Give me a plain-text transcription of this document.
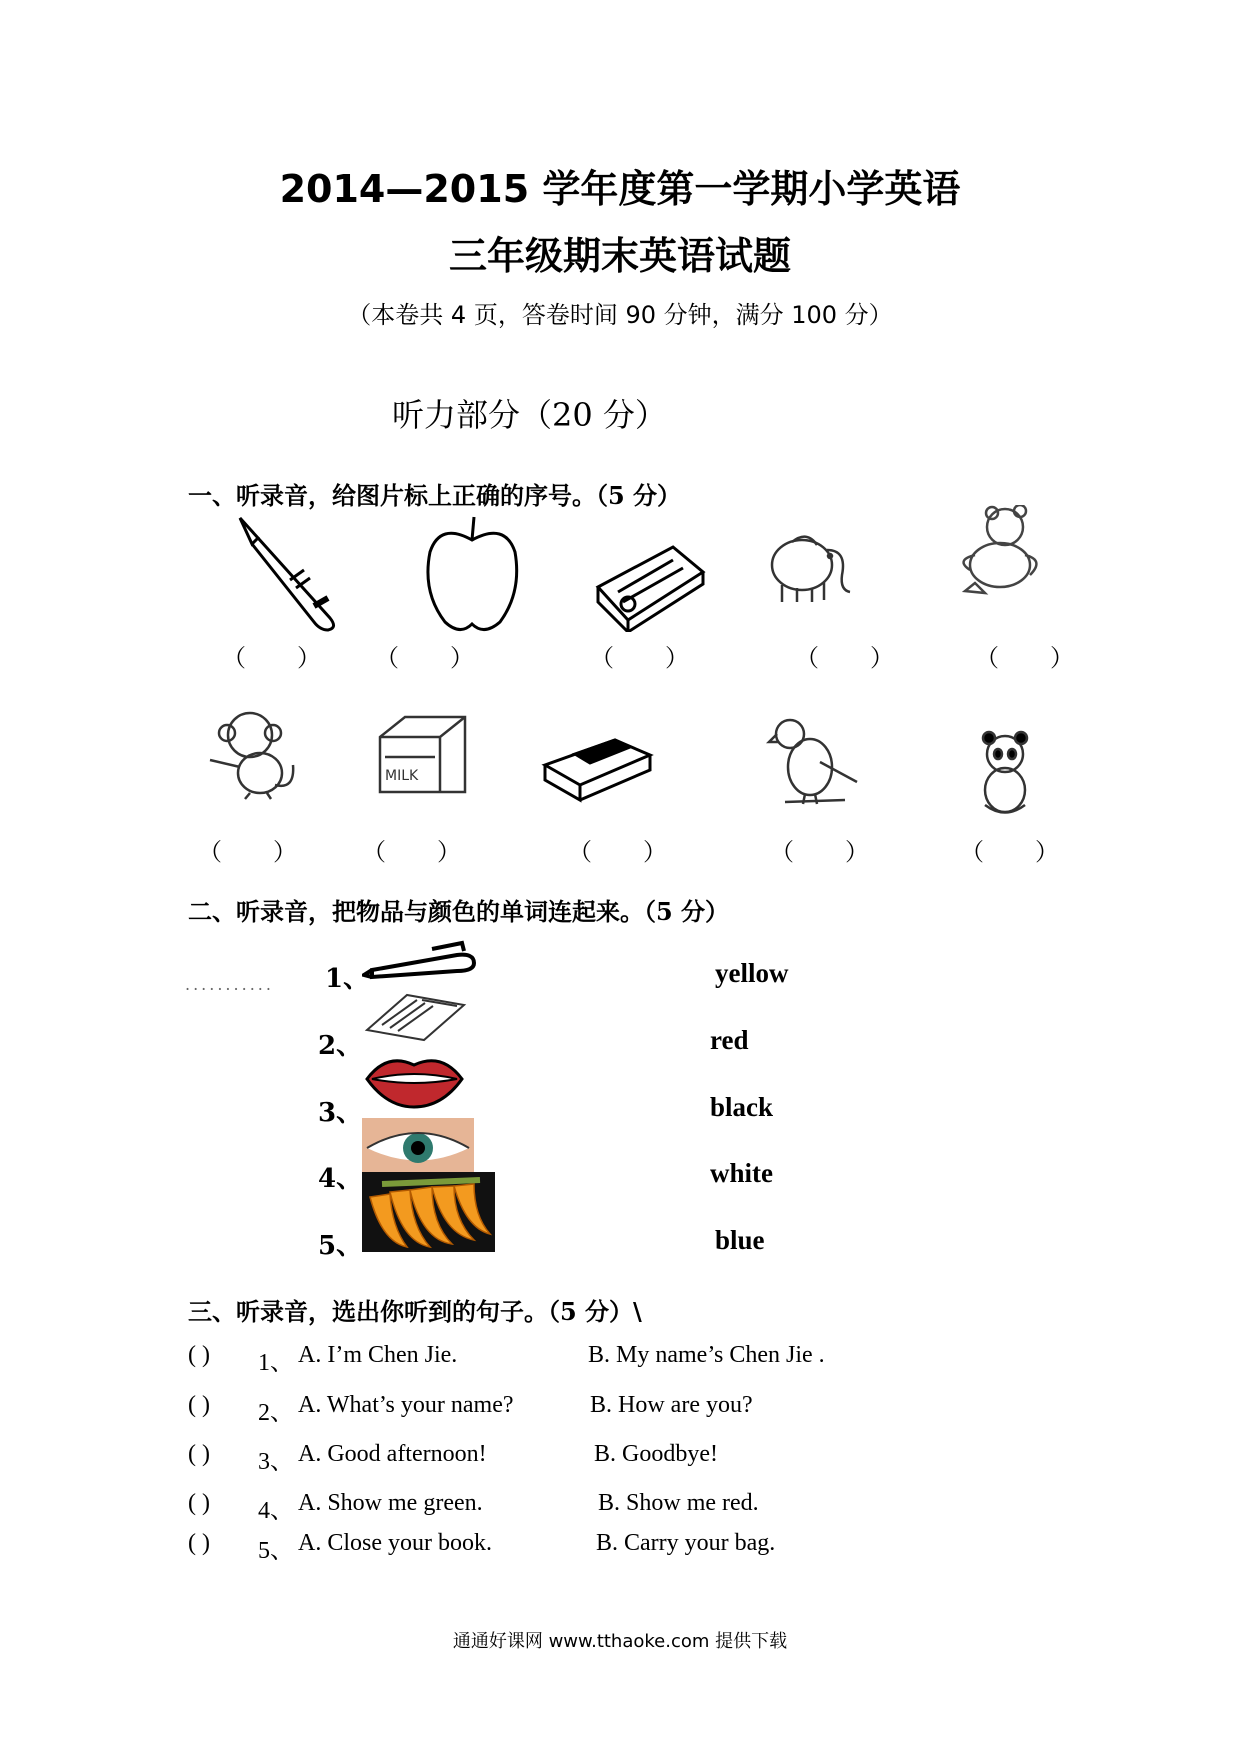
2014—2015 学年度第一学期小学英语
三年级期末英语试题
（本卷共 4 页，答卷时间 90 分钟，满分 100 分）
听力部分（20 分）
一、听录音，给图片标上正确的序号。（5 分）
（　　） （　　）	（　　）	（　　）	（　　）
MILK
（　　）	（　　）	（　　）	（　　）	（　　）
二、听录音，把物品与颜色的单词连起来。（5 分）
........... 1、
2、
3、
4、
5、
yellow
red
black
white
blue
三、听录音，选出你听到的句子。（5 分）\
( ) 1、 A. I’m Chen Jie.	B. My name’s Chen Jie .
( ) 2、 A. What’s your name?	B. How are you?
( ) 3、 A. Good afternoon!	B. Goodbye!
( ) 4、 A. Show me green.	B. Show me red.
( ) 5、 A. Close your book.	B. Carry your bag.
通通好课网 www.tthaoke.com 提供下载
